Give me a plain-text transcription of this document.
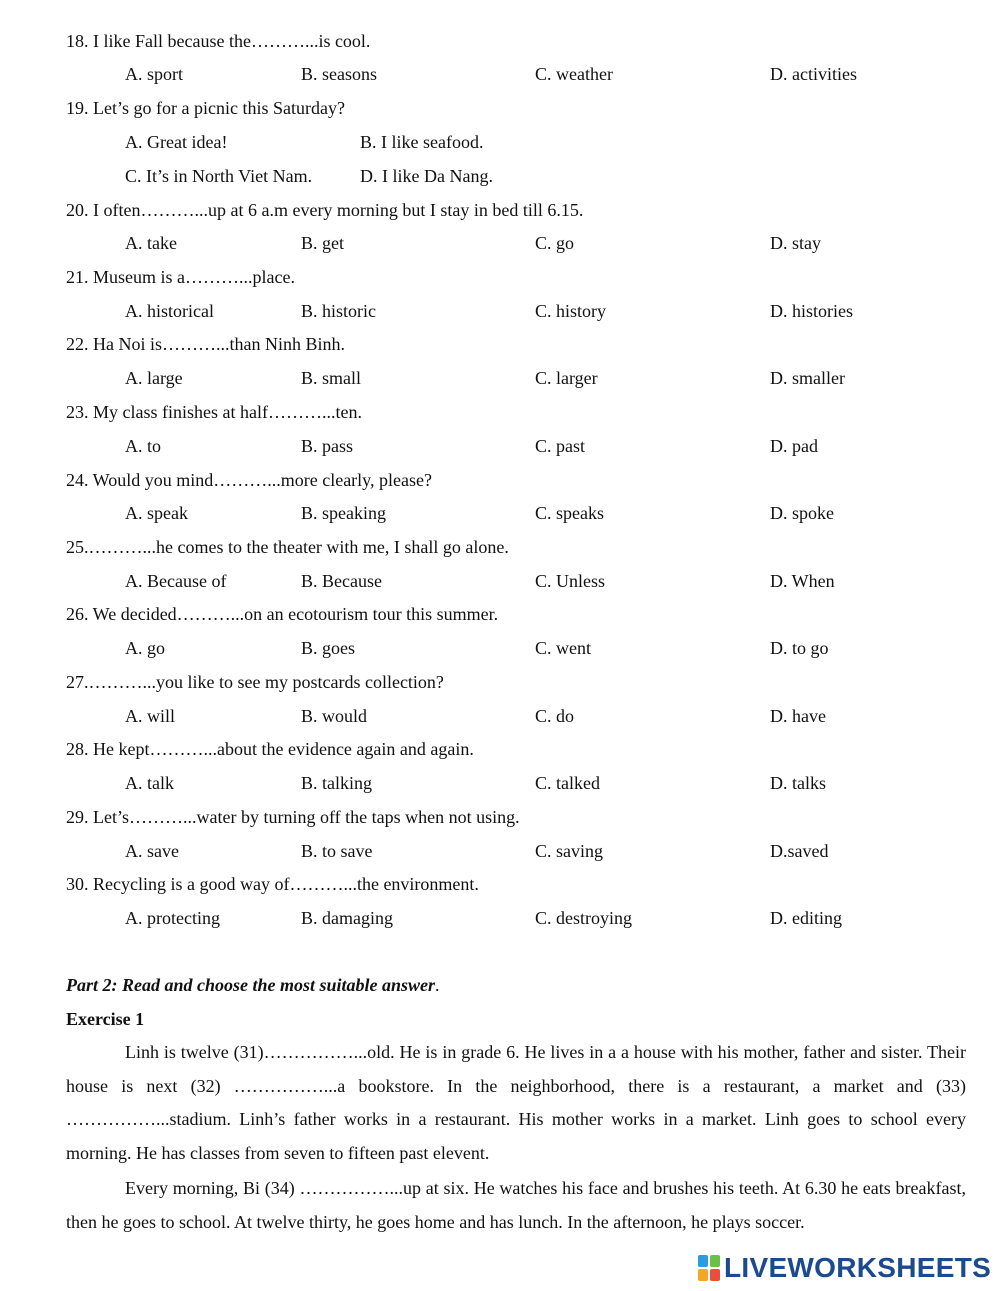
18. I like Fall because the………...is cool.
A. sport	B. seasons	C. weather	D. activities
19. Let’s go for a picnic this Saturday?
A. Great idea!	B. I like seafood.
C. It’s in North Viet Nam.	D. I like Da Nang.
20. I often………...up at 6 a.m every morning but I stay in bed till 6.15.
A. take	B. get	C. go	D. stay
21. Museum is a………...place.
A. historical	B. historic	C. history	D. histories
22. Ha Noi is………...than Ninh Binh.
A. large	B. small	C. larger	D. smaller
23. My class finishes at half………...ten.
A. to	B. pass	C. past	D. pad
24. Would you mind………...more clearly, please?
A. speak	B. speaking	C. speaks	D. spoke
25.………...he comes to the theater with me, I shall go alone.
A. Because of	B. Because	C. Unless	D. When
26. We decided………...on an ecotourism tour this summer.
A. go	B. goes	C. went	D. to go
27.………...you like to see my postcards collection?
A. will	B. would	C. do	D. have
28. He kept………...about the evidence again and again.
A. talk	B. talking	C. talked	D. talks
29. Let’s………...water by turning off the taps when not using.
A. save	B. to save	C. saving	D.saved
30. Recycling is a good way of………...the environment.
A. protecting	B. damaging	C. destroying	D. editing
Part 2: Read and choose the most suitable answer.
Exercise 1
Linh is twelve (31)……………...old. He is in grade 6. He lives in a a house with his mother, father and sister. Their house is next (32) ……………...a bookstore. In the neighborhood, there is a restaurant, a market and (33) ……………...stadium. Linh’s father works in a restaurant. His mother works in a market. Linh goes to school every morning. He has classes from seven to fifteen past elevent.
Every morning, Bi (34) ……………...up at six. He watches his face and brushes his teeth. At 6.30 he eats breakfast, then he goes to school. At twelve thirty, he goes home and has lunch. In the afternoon, he plays soccer.
LIVEWORKSHEETS
